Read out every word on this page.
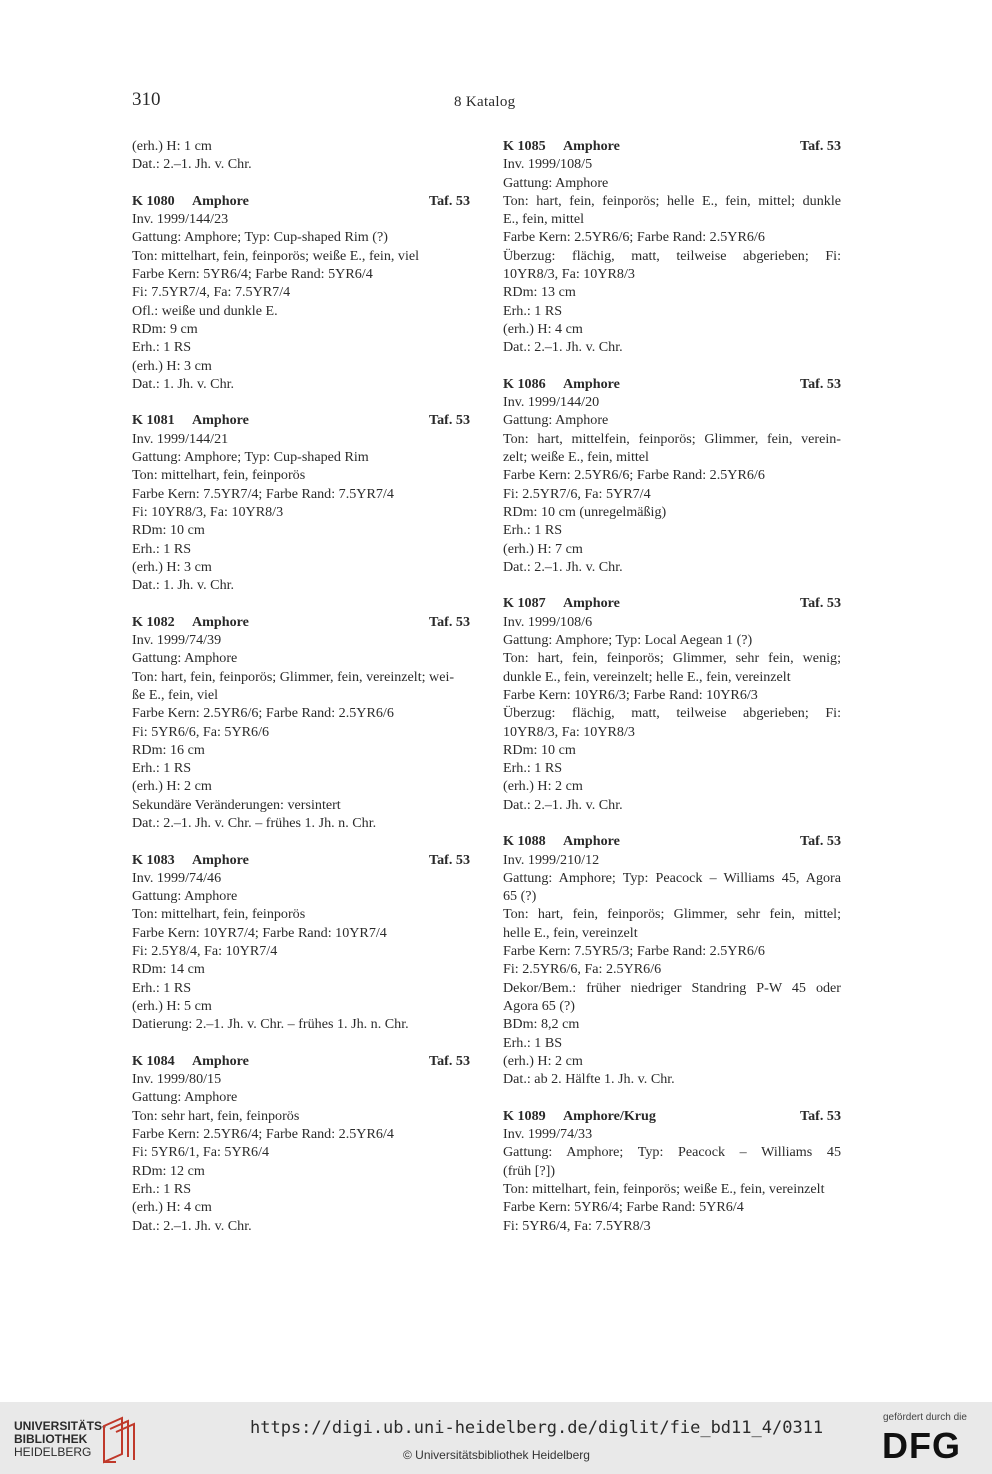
310	8 Katalog
(erh.) H: 1 cm
Dat.: 2.–1. Jh. v. Chr.
K 1080	Amphore	Taf. 53
Inv. 1999/144/23
Gattung: Amphore; Typ: Cup-shaped Rim (?)
Ton: mittelhart, fein, feinporös; weiße E., fein, viel
Farbe Kern: 5YR6/4; Farbe Rand: 5YR6/4
Fi: 7.5YR7/4, Fa: 7.5YR7/4
Ofl.: weiße und dunkle E.
RDm: 9 cm
Erh.: 1 RS
(erh.) H: 3 cm
Dat.: 1. Jh. v. Chr.
K 1081	Amphore	Taf. 53
Inv. 1999/144/21
Gattung: Amphore; Typ: Cup-shaped Rim
Ton: mittelhart, fein, feinporös
Farbe Kern: 7.5YR7/4; Farbe Rand: 7.5YR7/4
Fi: 10YR8/3, Fa: 10YR8/3
RDm: 10 cm
Erh.: 1 RS
(erh.) H: 3 cm
Dat.: 1. Jh. v. Chr.
K 1082	Amphore	Taf. 53
Inv. 1999/74/39
Gattung: Amphore
Ton: hart, fein, feinporös; Glimmer, fein, vereinzelt; wei-
ße E., fein, viel
Farbe Kern: 2.5YR6/6; Farbe Rand: 2.5YR6/6
Fi: 5YR6/6, Fa: 5YR6/6
RDm: 16 cm
Erh.: 1 RS
(erh.) H: 2 cm
Sekundäre Veränderungen: versintert
Dat.: 2.–1. Jh. v. Chr. – frühes 1. Jh. n. Chr.
K 1083	Amphore	Taf. 53
Inv. 1999/74/46
Gattung: Amphore
Ton: mittelhart, fein, feinporös
Farbe Kern: 10YR7/4; Farbe Rand: 10YR7/4
Fi: 2.5Y8/4, Fa: 10YR7/4
RDm: 14 cm
Erh.: 1 RS
(erh.) H: 5 cm
Datierung: 2.–1. Jh. v. Chr. – frühes 1. Jh. n. Chr.
K 1084	Amphore	Taf. 53
Inv. 1999/80/15
Gattung: Amphore
Ton: sehr hart, fein, feinporös
Farbe Kern: 2.5YR6/4; Farbe Rand: 2.5YR6/4
Fi: 5YR6/1, Fa: 5YR6/4
RDm: 12 cm
Erh.: 1 RS
(erh.) H: 4 cm
Dat.: 2.–1. Jh. v. Chr.
K 1085	Amphore	Taf. 53
Inv. 1999/108/5
Gattung: Amphore
Ton: hart, fein, feinporös; helle E., fein, mittel; dunkle
E., fein, mittel
Farbe Kern: 2.5YR6/6; Farbe Rand: 2.5YR6/6
Überzug: flächig, matt, teilweise abgerieben; Fi:
10YR8/3, Fa: 10YR8/3
RDm: 13 cm
Erh.: 1 RS
(erh.) H: 4 cm
Dat.: 2.–1. Jh. v. Chr.
K 1086	Amphore	Taf. 53
Inv. 1999/144/20
Gattung: Amphore
Ton: hart, mittelfein, feinporös; Glimmer, fein, verein-
zelt; weiße E., fein, mittel
Farbe Kern: 2.5YR6/6; Farbe Rand: 2.5YR6/6
Fi: 2.5YR7/6, Fa: 5YR7/4
RDm: 10 cm (unregelmäßig)
Erh.: 1 RS
(erh.) H: 7 cm
Dat.: 2.–1. Jh. v. Chr.
K 1087	Amphore	Taf. 53
Inv. 1999/108/6
Gattung: Amphore; Typ: Local Aegean 1 (?)
Ton: hart, fein, feinporös; Glimmer, sehr fein, wenig;
dunkle E., fein, vereinzelt; helle E., fein, vereinzelt
Farbe Kern: 10YR6/3; Farbe Rand: 10YR6/3
Überzug: flächig, matt, teilweise abgerieben; Fi:
10YR8/3, Fa: 10YR8/3
RDm: 10 cm
Erh.: 1 RS
(erh.) H: 2 cm
Dat.: 2.–1. Jh. v. Chr.
K 1088	Amphore	Taf. 53
Inv. 1999/210/12
Gattung: Amphore; Typ: Peacock – Williams 45, Agora
65 (?)
Ton: hart, fein, feinporös; Glimmer, sehr fein, mittel;
helle E., fein, vereinzelt
Farbe Kern: 7.5YR5/3; Farbe Rand: 2.5YR6/6
Fi: 2.5YR6/6, Fa: 2.5YR6/6
Dekor/Bem.: früher niedriger Standring P-W 45 oder
Agora 65 (?)
BDm: 8,2 cm
Erh.: 1 BS
(erh.) H: 2 cm
Dat.: ab 2. Hälfte 1. Jh. v. Chr.
K 1089	Amphore/Krug	Taf. 53
Inv. 1999/74/33
Gattung: Amphore; Typ: Peacock – Williams 45
(früh [?])
Ton: mittelhart, fein, feinporös; weiße E., fein, vereinzelt
Farbe Kern: 5YR6/4; Farbe Rand: 5YR6/4
Fi: 5YR6/4, Fa: 7.5YR8/3
UNIVERSITÄTS-
BIBLIOTHEK
HEIDELBERG
https://digi.ub.uni-heidelberg.de/diglit/fie_bd11_4/0311
© Universitätsbibliothek Heidelberg
gefördert durch die
DFG
